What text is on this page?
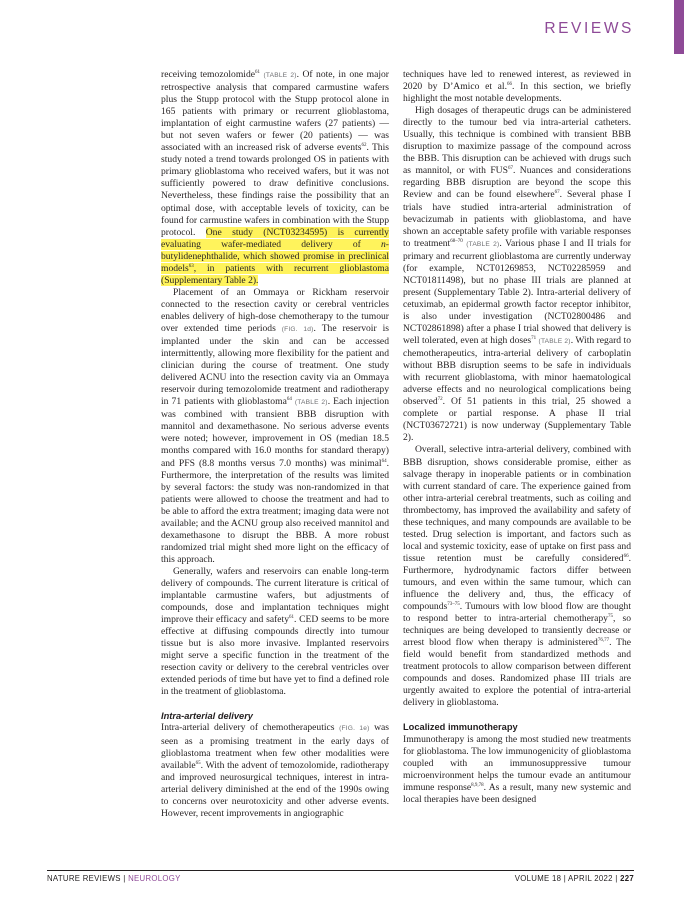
REVIEWS

receiving temozolomide$^{61}$ (TABLE 2). Of note, in one major retrospective analysis that compared carmustine wafers plus the Stupp protocol with the Stupp protocol alone in 165 patients with primary or recurrent glioblastoma, implantation of eight carmustine wafers (27 patients) — but not seven wafers or fewer (20 patients) — was associated with an increased risk of adverse events$^{62}$. This study noted a trend towards prolonged OS in patients with primary glioblastoma who received wafers, but it was not sufficiently powered to draw definitive conclusions. Nevertheless, these findings raise the possibility that an optimal dose, with acceptable levels of toxicity, can be found for carmustine wafers in combination with the Stupp protocol. One study (NCT03234595) is currently evaluating wafer-mediated delivery of n-butylidenephthalide, which showed promise in preclinical models$^{63}$, in patients with recurrent glioblastoma (Supplementary Table 2).

Placement of an Ommaya or Rickham reservoir connected to the resection cavity or cerebral ventricles enables delivery of high-dose chemotherapy to the tumour over extended time periods (FIG. 1d). The reservoir is implanted under the skin and can be accessed intermittently, allowing more flexibility for the patient and clinician during the course of treatment. One study delivered ACNU into the resection cavity via an Ommaya reservoir during temozolomide treatment and radiotherapy in 71 patients with glioblastoma$^{64}$ (TABLE 2). Each injection was combined with transient BBB disruption with mannitol and dexamethasone. No serious adverse events were noted; however, improvement in OS (median 18.5 months compared with 16.0 months for standard therapy) and PFS (8.8 months versus 7.0 months) was minimal$^{64}$. Furthermore, the interpretation of the results was limited by several factors: the study was non-randomized in that patients were allowed to choose the treatment and had to be able to afford the extra treatment; imaging data were not available; and the ACNU group also received mannitol and dexamethasone to disrupt the BBB. A more robust randomized trial might shed more light on the efficacy of this approach.

Generally, wafers and reservoirs can enable long-term delivery of compounds. The current literature is critical of implantable carmustine wafers, but adjustments of compounds, dose and implantation techniques might improve their efficacy and safety$^{61}$. CED seems to be more effective at diffusing compounds directly into tumour tissue but is also more invasive. Implanted reservoirs might serve a specific function in the treatment of the resection cavity or delivery to the cerebral ventricles over extended periods of time but have yet to find a defined role in the treatment of glioblastoma.

Intra-arterial delivery

Intra-arterial delivery of chemotherapeutics (FIG. 1e) was seen as a promising treatment in the early days of glioblastoma treatment when few other modalities were available$^{65}$. With the advent of temozolomide, radiotherapy and improved neurosurgical techniques, interest in intra-arterial delivery diminished at the end of the 1990s owing to concerns over neurotoxicity and other adverse events. However, recent improvements in angiographic

techniques have led to renewed interest, as reviewed in 2020 by D’Amico et al.$^{66}$. In this section, we briefly highlight the most notable developments.

High dosages of therapeutic drugs can be administered directly to the tumour bed via intra-arterial catheters. Usually, this technique is combined with transient BBB disruption to maximize passage of the compound across the BBB. This disruption can be achieved with drugs such as mannitol, or with FUS$^{67}$. Nuances and considerations regarding BBB disruption are beyond the scope this Review and can be found elsewhere$^{67}$. Several phase I trials have studied intra-arterial administration of bevacizumab in patients with glioblastoma, and have shown an acceptable safety profile with variable responses to treatment$^{68-70}$ (TABLE 2). Various phase I and II trials for primary and recurrent glioblastoma are currently underway (for example, NCT01269853, NCT02285959 and NCT01811498), but no phase III trials are planned at present (Supplementary Table 2). Intra-arterial delivery of cetuximab, an epidermal growth factor receptor inhibitor, is also under investigation (NCT02800486 and NCT02861898) after a phase I trial showed that delivery is well tolerated, even at high doses$^{71}$ (TABLE 2). With regard to chemotherapeutics, intra-arterial delivery of carboplatin without BBB disruption seems to be safe in individuals with recurrent glioblastoma, with minor haematological adverse effects and no neurological complications being observed$^{72}$. Of 51 patients in this trial, 25 showed a complete or partial response. A phase II trial (NCT03672721) is now underway (Supplementary Table 2).

Overall, selective intra-arterial delivery, combined with BBB disruption, shows considerable promise, either as salvage therapy in inoperable patients or in combination with current standard of care. The experience gained from other intra-arterial cerebral treatments, such as coiling and thrombectomy, has improved the availability and safety of these techniques, and many compounds are available to be tested. Drug selection is important, and factors such as local and systemic toxicity, ease of uptake on first pass and tissue retention must be carefully considered$^{66}$. Furthermore, hydrodynamic factors differ between tumours, and even within the same tumour, which can influence the delivery and, thus, the efficacy of compounds$^{73-75}$. Tumours with low blood flow are thought to respond better to intra-arterial chemotherapy$^{75}$, so techniques are being developed to transiently decrease or arrest blood flow when therapy is administered$^{76,77}$. The field would benefit from standardized methods and treatment protocols to allow comparison between different compounds and doses. Randomized phase III trials are urgently awaited to explore the potential of intra-arterial delivery in glioblastoma.

Localized immunotherapy

Immunotherapy is among the most studied new treatments for glioblastoma. The low immunogenicity of glioblastoma coupled with an immunosuppressive tumour microenvironment helps the tumour evade an antitumour immune response$^{8,9,78}$. As a result, many new systemic and local therapies have been designed

NATURE REVIEWS | NEUROLOGY	VOLUME 18 | APRIL 2022 | 227
